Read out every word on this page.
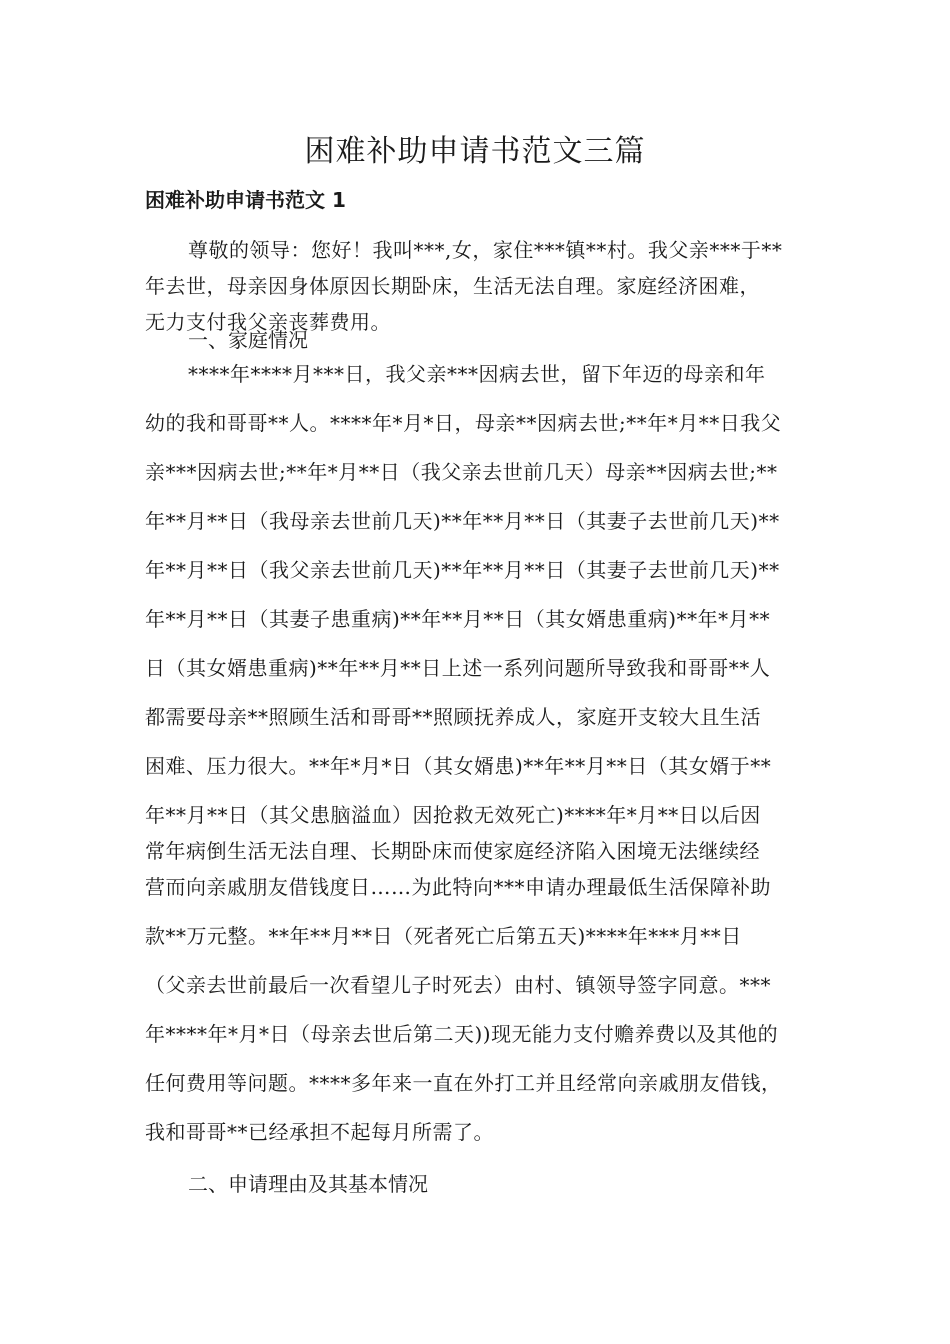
困难补助申请书范文三篇
困难补助申请书范文 1
尊敬的领导：您好！我叫***,女，家住***镇**村。我父亲***于**
年去世，母亲因身体原因长期卧床，生活无法自理。家庭经济困难，
无力支付我父亲丧葬费用。
一、家庭情况
****年****月***日，我父亲***因病去世，留下年迈的母亲和年
幼的我和哥哥**人。****年*月*日，母亲**因病去世;**年*月**日我父
亲***因病去世;**年*月**日（我父亲去世前几天）母亲**因病去世;**
年**月**日（我母亲去世前几天)**年**月**日（其妻子去世前几天)**
年**月**日（我父亲去世前几天)**年**月**日（其妻子去世前几天)**
年**月**日（其妻子患重病)**年**月**日（其女婿患重病)**年*月**
日（其女婿患重病)**年**月**日上述一系列问题所导致我和哥哥**人
都需要母亲**照顾生活和哥哥**照顾抚养成人，家庭开支较大且生活
困难、压力很大。**年*月*日（其女婿患)**年**月**日（其女婿于**
年**月**日（其父患脑溢血）因抢救无效死亡)****年*月**日以后因
常年病倒生活无法自理、长期卧床而使家庭经济陷入困境无法继续经
营而向亲戚朋友借钱度日……为此特向***申请办理最低生活保障补助
款**万元整。**年**月**日（死者死亡后第五天)****年***月**日
（父亲去世前最后一次看望儿子时死去）由村、镇领导签字同意。***
年****年*月*日（母亲去世后第二天))现无能力支付赡养费以及其他的
任何费用等问题。****多年来一直在外打工并且经常向亲戚朋友借钱，
我和哥哥**已经承担不起每月所需了。
二、申请理由及其基本情况
